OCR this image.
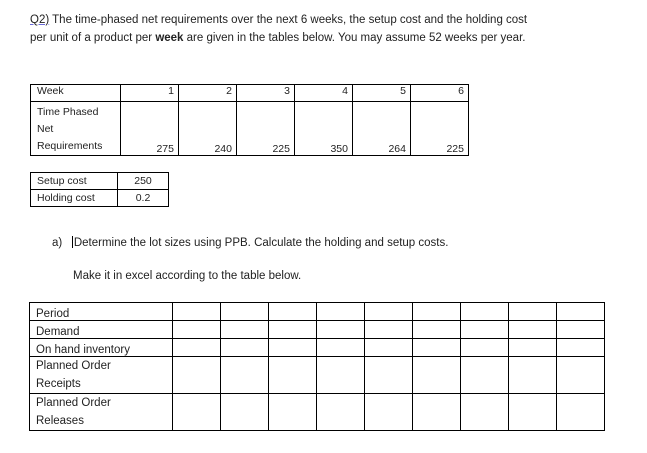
Q2) The time-phased net requirements over the next 6 weeks, the setup cost and the holding cost
per unit of a product per week are given in the tables below. You may assume 52 weeks per year.
Week	1	2	3	4	5	6

Time Phased
Net
Requirements	275	240	225	350	264	225
Setup cost	250
Holding cost	0.2
a) Determine the lot sizes using PPB. Calculate the holding and setup costs.
Make it in excel according to the table below.
Period									
Demand									
On hand inventory									

Planned Order
Receipts									

Planned Order
Releases									
